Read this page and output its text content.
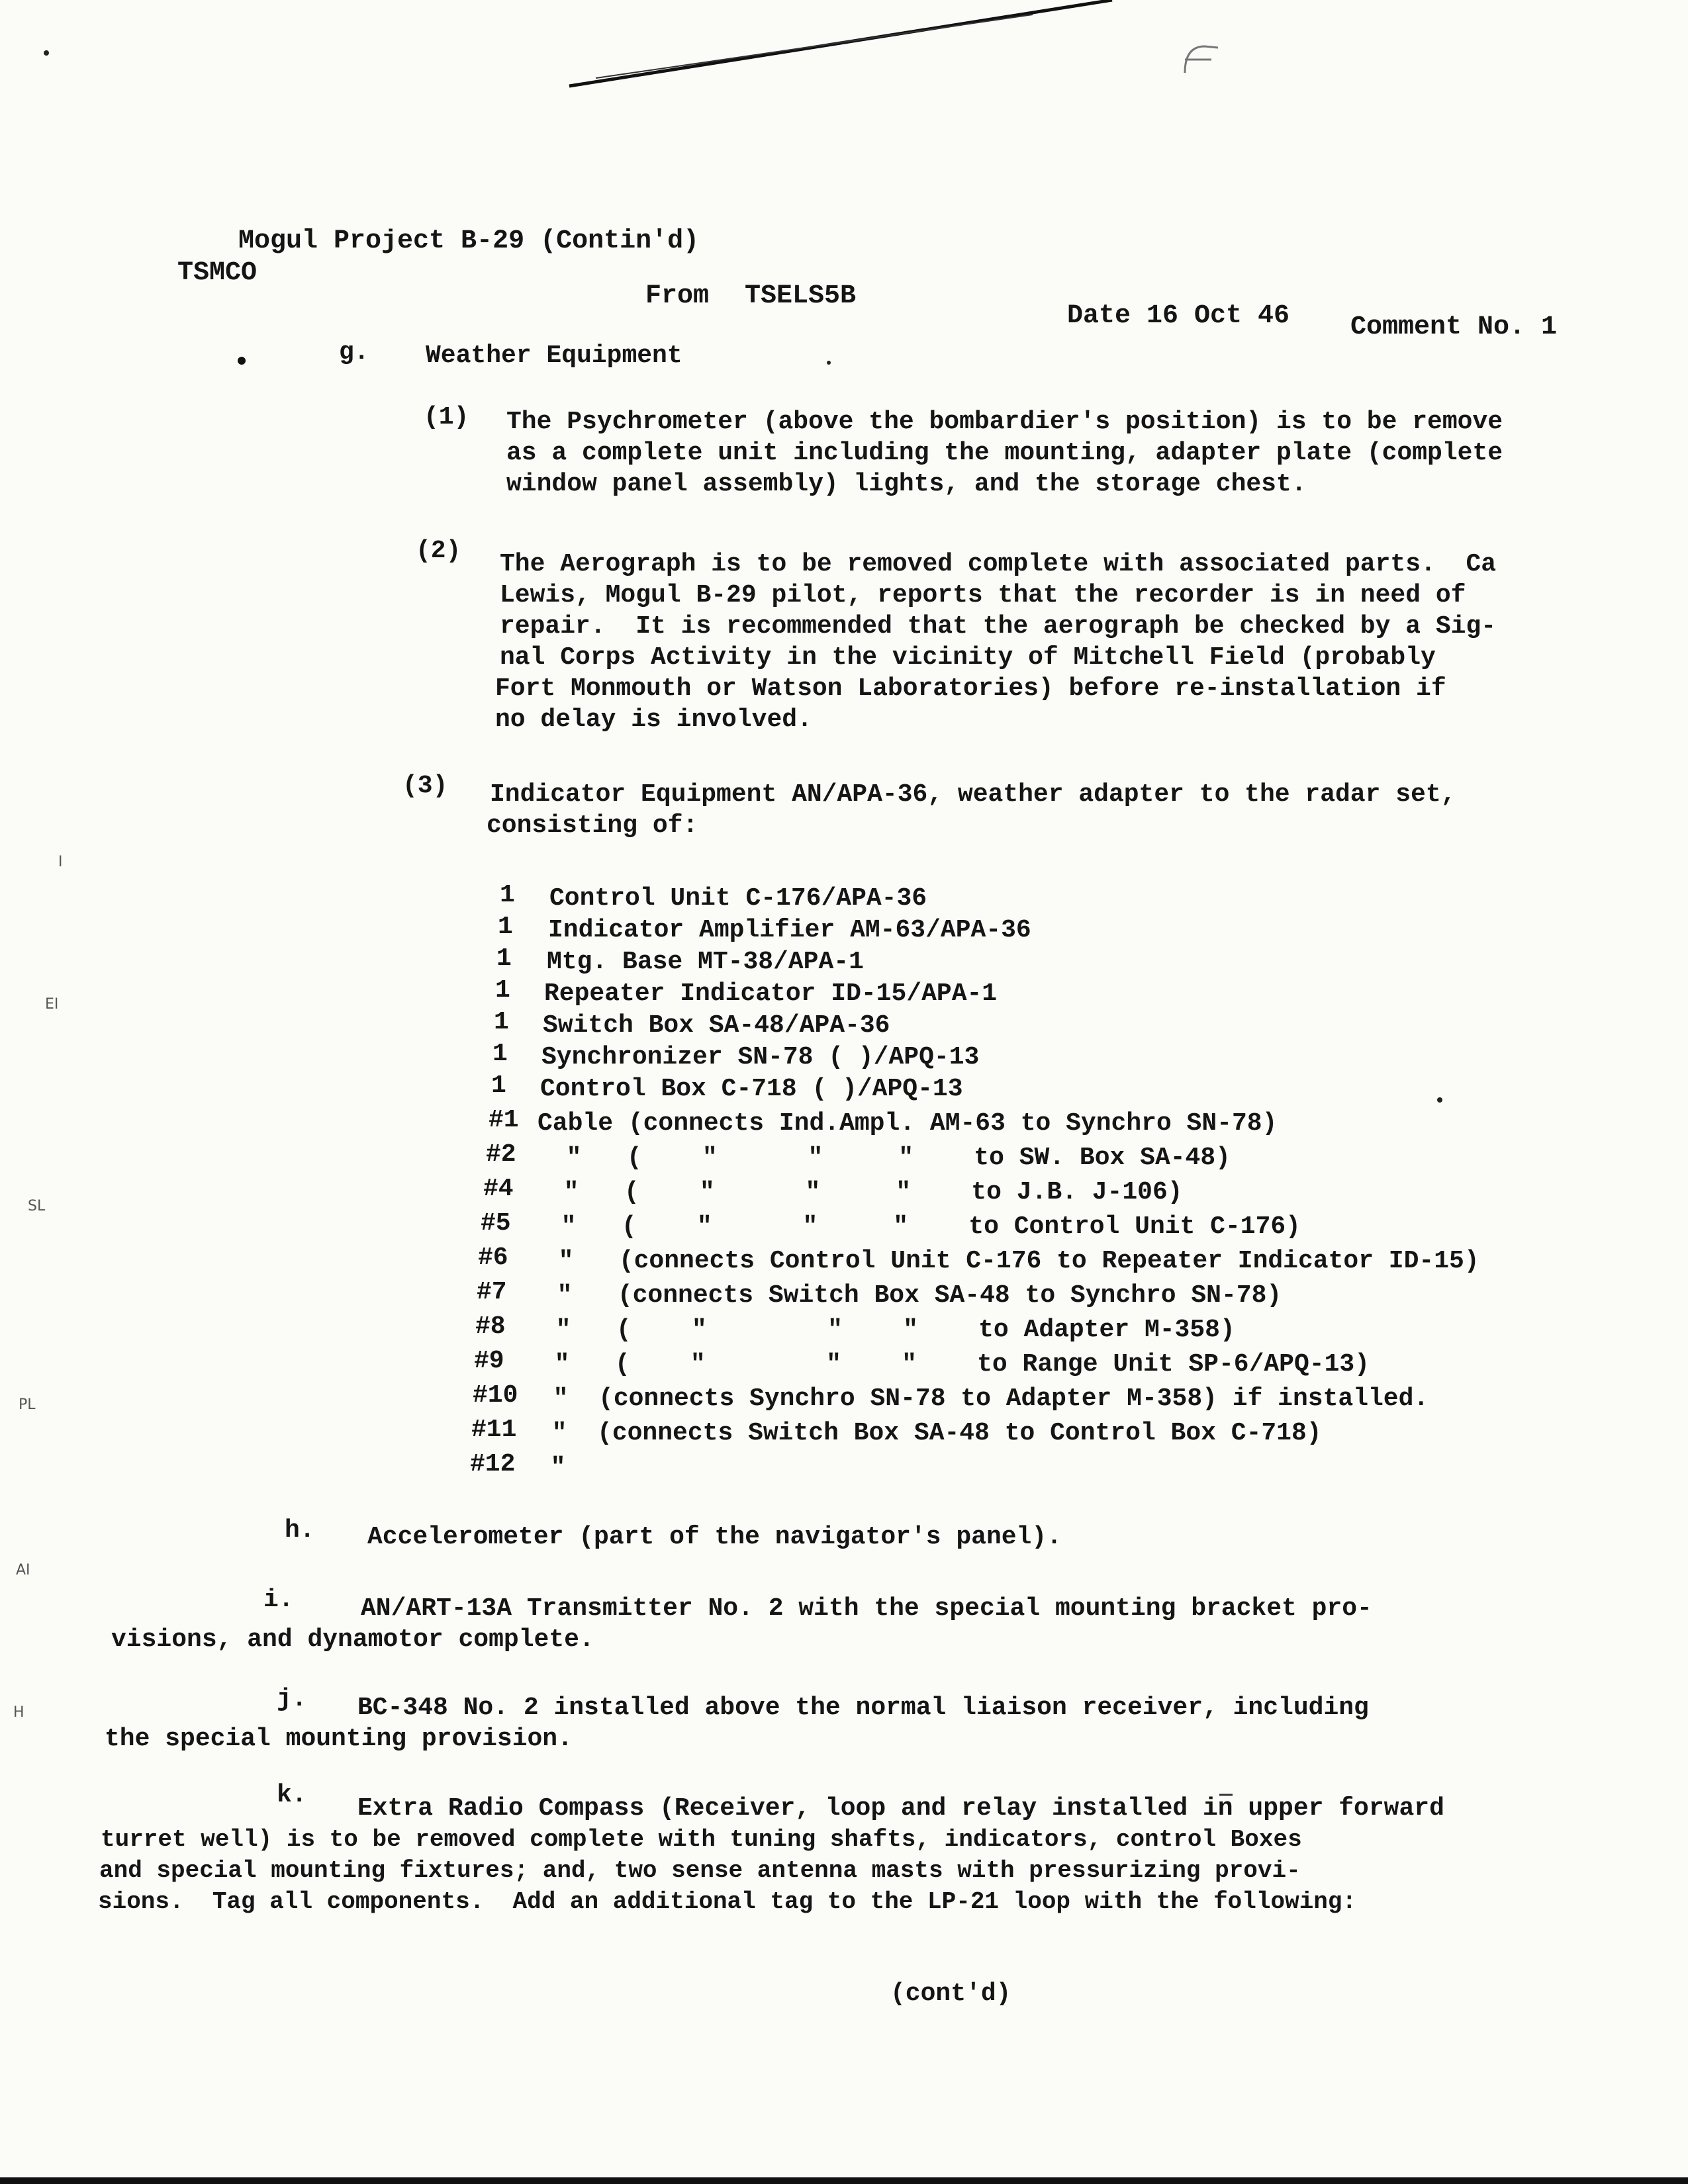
I
EI
SL
PL
AI
H
Mogul Project B-29 (Contin'd)
TSMCO
From TSELS5B
Date 16 Oct 46 Comment No. 1
g. Weather Equipment
(1) The Psychrometer (above the bombardier's position) is to be remove
as a complete unit including the mounting, adapter plate (complete
window panel assembly) lights, and the storage chest.
(2) The Aerograph is to be removed complete with associated parts.  Ca
Lewis, Mogul B-29 pilot, reports that the recorder is in need of
repair.  It is recommended that the aerograph be checked by a Sig-
nal Corps Activity in the vicinity of Mitchell Field (probably
Fort Monmouth or Watson Laboratories) before re-installation if
no delay is involved.
(3) Indicator Equipment AN/APA-36, weather adapter to the radar set,
consisting of:
1 Control Unit C-176/APA-36
1 Indicator Amplifier AM-63/APA-36
1 Mtg. Base MT-38/APA-1
1 Repeater Indicator ID-15/APA-1
1 Switch Box SA-48/APA-36
1 Synchronizer SN-78 ( )/APQ-13
1 Control Box C-718 ( )/APQ-13
#1 Cable (connects Ind.Ampl. AM-63 to Synchro SN-78)
#2 "   (    "      "     "    to SW. Box SA-48)
#4 "   (    "      "     "    to J.B. J-106)
#5 "   (    "      "     "    to Control Unit C-176)
#6 "   (connects Control Unit C-176 to Repeater Indicator ID-15)
#7 "   (connects Switch Box SA-48 to Synchro SN-78)
#8 "   (    "        "    "    to Adapter M-358)
#9 "   (    "        "    "    to Range Unit SP-6/APQ-13)
#10 "  (connects Synchro SN-78 to Adapter M-358) if installed.
#11 "  (connects Switch Box SA-48 to Control Box C-718)
#12 "
h. Accelerometer (part of the navigator's panel).
i.	AN/ART-13A Transmitter No. 2 with the special mounting bracket pro-
visions, and dynamotor complete.
j. BC-348 No. 2 installed above the normal liaison receiver, including
the special mounting provision.
k. Extra Radio Compass (Receiver, loop and relay installed in upper forward
turret well) is to be removed complete with tuning shafts, indicators, control Boxes
and special mounting fixtures; and, two sense antenna masts with pressurizing provi-
sions.  Tag all components.  Add an additional tag to the LP-21 loop with the following:
(cont'd)
